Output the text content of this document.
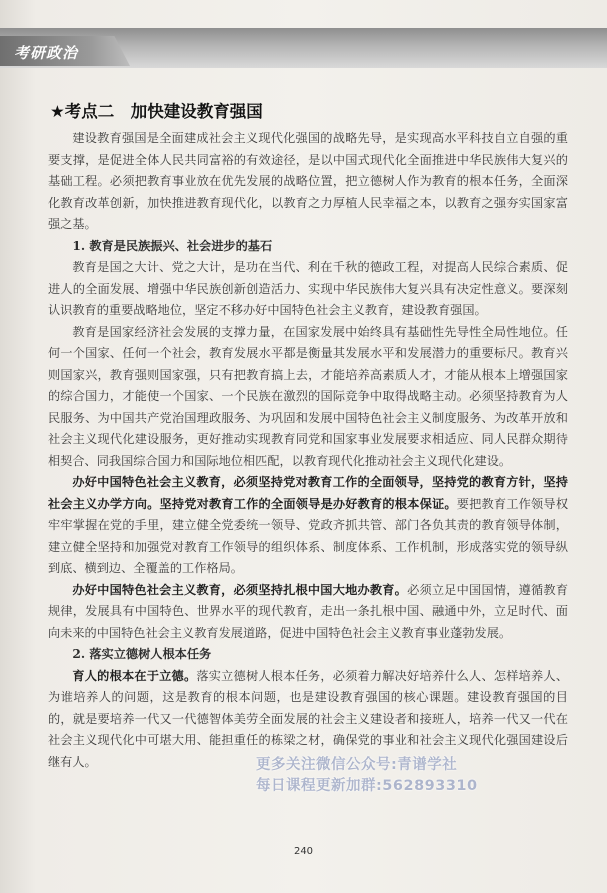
考研政治
★考点二　加快建设教育强国

建设教育强国是全面建成社会主义现代化强国的战略先导，是实现高水平科技自立自强的重要支撑，是促进全体人民共同富裕的有效途径，是以中国式现代化全面推进中华民族伟大复兴的基础工程。必须把教育事业放在优先发展的战略位置，把立德树人作为教育的根本任务，全面深化教育改革创新，加快推进教育现代化，以教育之力厚植人民幸福之本，以教育之强夯实国家富强之基。

1. 教育是民族振兴、社会进步的基石

教育是国之大计、党之大计，是功在当代、利在千秋的德政工程，对提高人民综合素质、促进人的全面发展、增强中华民族创新创造活力、实现中华民族伟大复兴具有决定性意义。要深刻认识教育的重要战略地位，坚定不移办好中国特色社会主义教育，建设教育强国。

教育是国家经济社会发展的支撑力量，在国家发展中始终具有基础性先导性全局性地位。任何一个国家、任何一个社会，教育发展水平都是衡量其发展水平和发展潜力的重要标尺。教育兴则国家兴，教育强则国家强，只有把教育搞上去，才能培养高素质人才，才能从根本上增强国家的综合国力，才能使一个国家、一个民族在激烈的国际竞争中取得战略主动。必须坚持教育为人民服务、为中国共产党治国理政服务、为巩固和发展中国特色社会主义制度服务、为改革开放和社会主义现代化建设服务，更好推动实现教育同党和国家事业发展要求相适应、同人民群众期待相契合、同我国综合国力和国际地位相匹配，以教育现代化推动社会主义现代化建设。

办好中国特色社会主义教育，必须坚持党对教育工作的全面领导，坚持党的教育方针，坚持社会主义办学方向。坚持党对教育工作的全面领导是办好教育的根本保证。要把教育工作领导权牢牢掌握在党的手里，建立健全党委统一领导、党政齐抓共管、部门各负其责的教育领导体制，建立健全坚持和加强党对教育工作领导的组织体系、制度体系、工作机制，形成落实党的领导纵到底、横到边、全覆盖的工作格局。

办好中国特色社会主义教育，必须坚持扎根中国大地办教育。必须立足中国国情，遵循教育规律，发展具有中国特色、世界水平的现代教育，走出一条扎根中国、融通中外，立足时代、面向未来的中国特色社会主义教育发展道路，促进中国特色社会主义教育事业蓬勃发展。

2. 落实立德树人根本任务

育人的根本在于立德。落实立德树人根本任务，必须着力解决好培养什么人、怎样培养人、为谁培养人的问题，这是教育的根本问题，也是建设教育强国的核心课题。建设教育强国的目的，就是要培养一代又一代德智体美劳全面发展的社会主义建设者和接班人，培养一代又一代在社会主义现代化中可堪大用、能担重任的栋梁之材，确保党的事业和社会主义现代化强国建设后继有人。	更多关注微信公众号:青谱学社
每日课程更新加群:562893310
240
